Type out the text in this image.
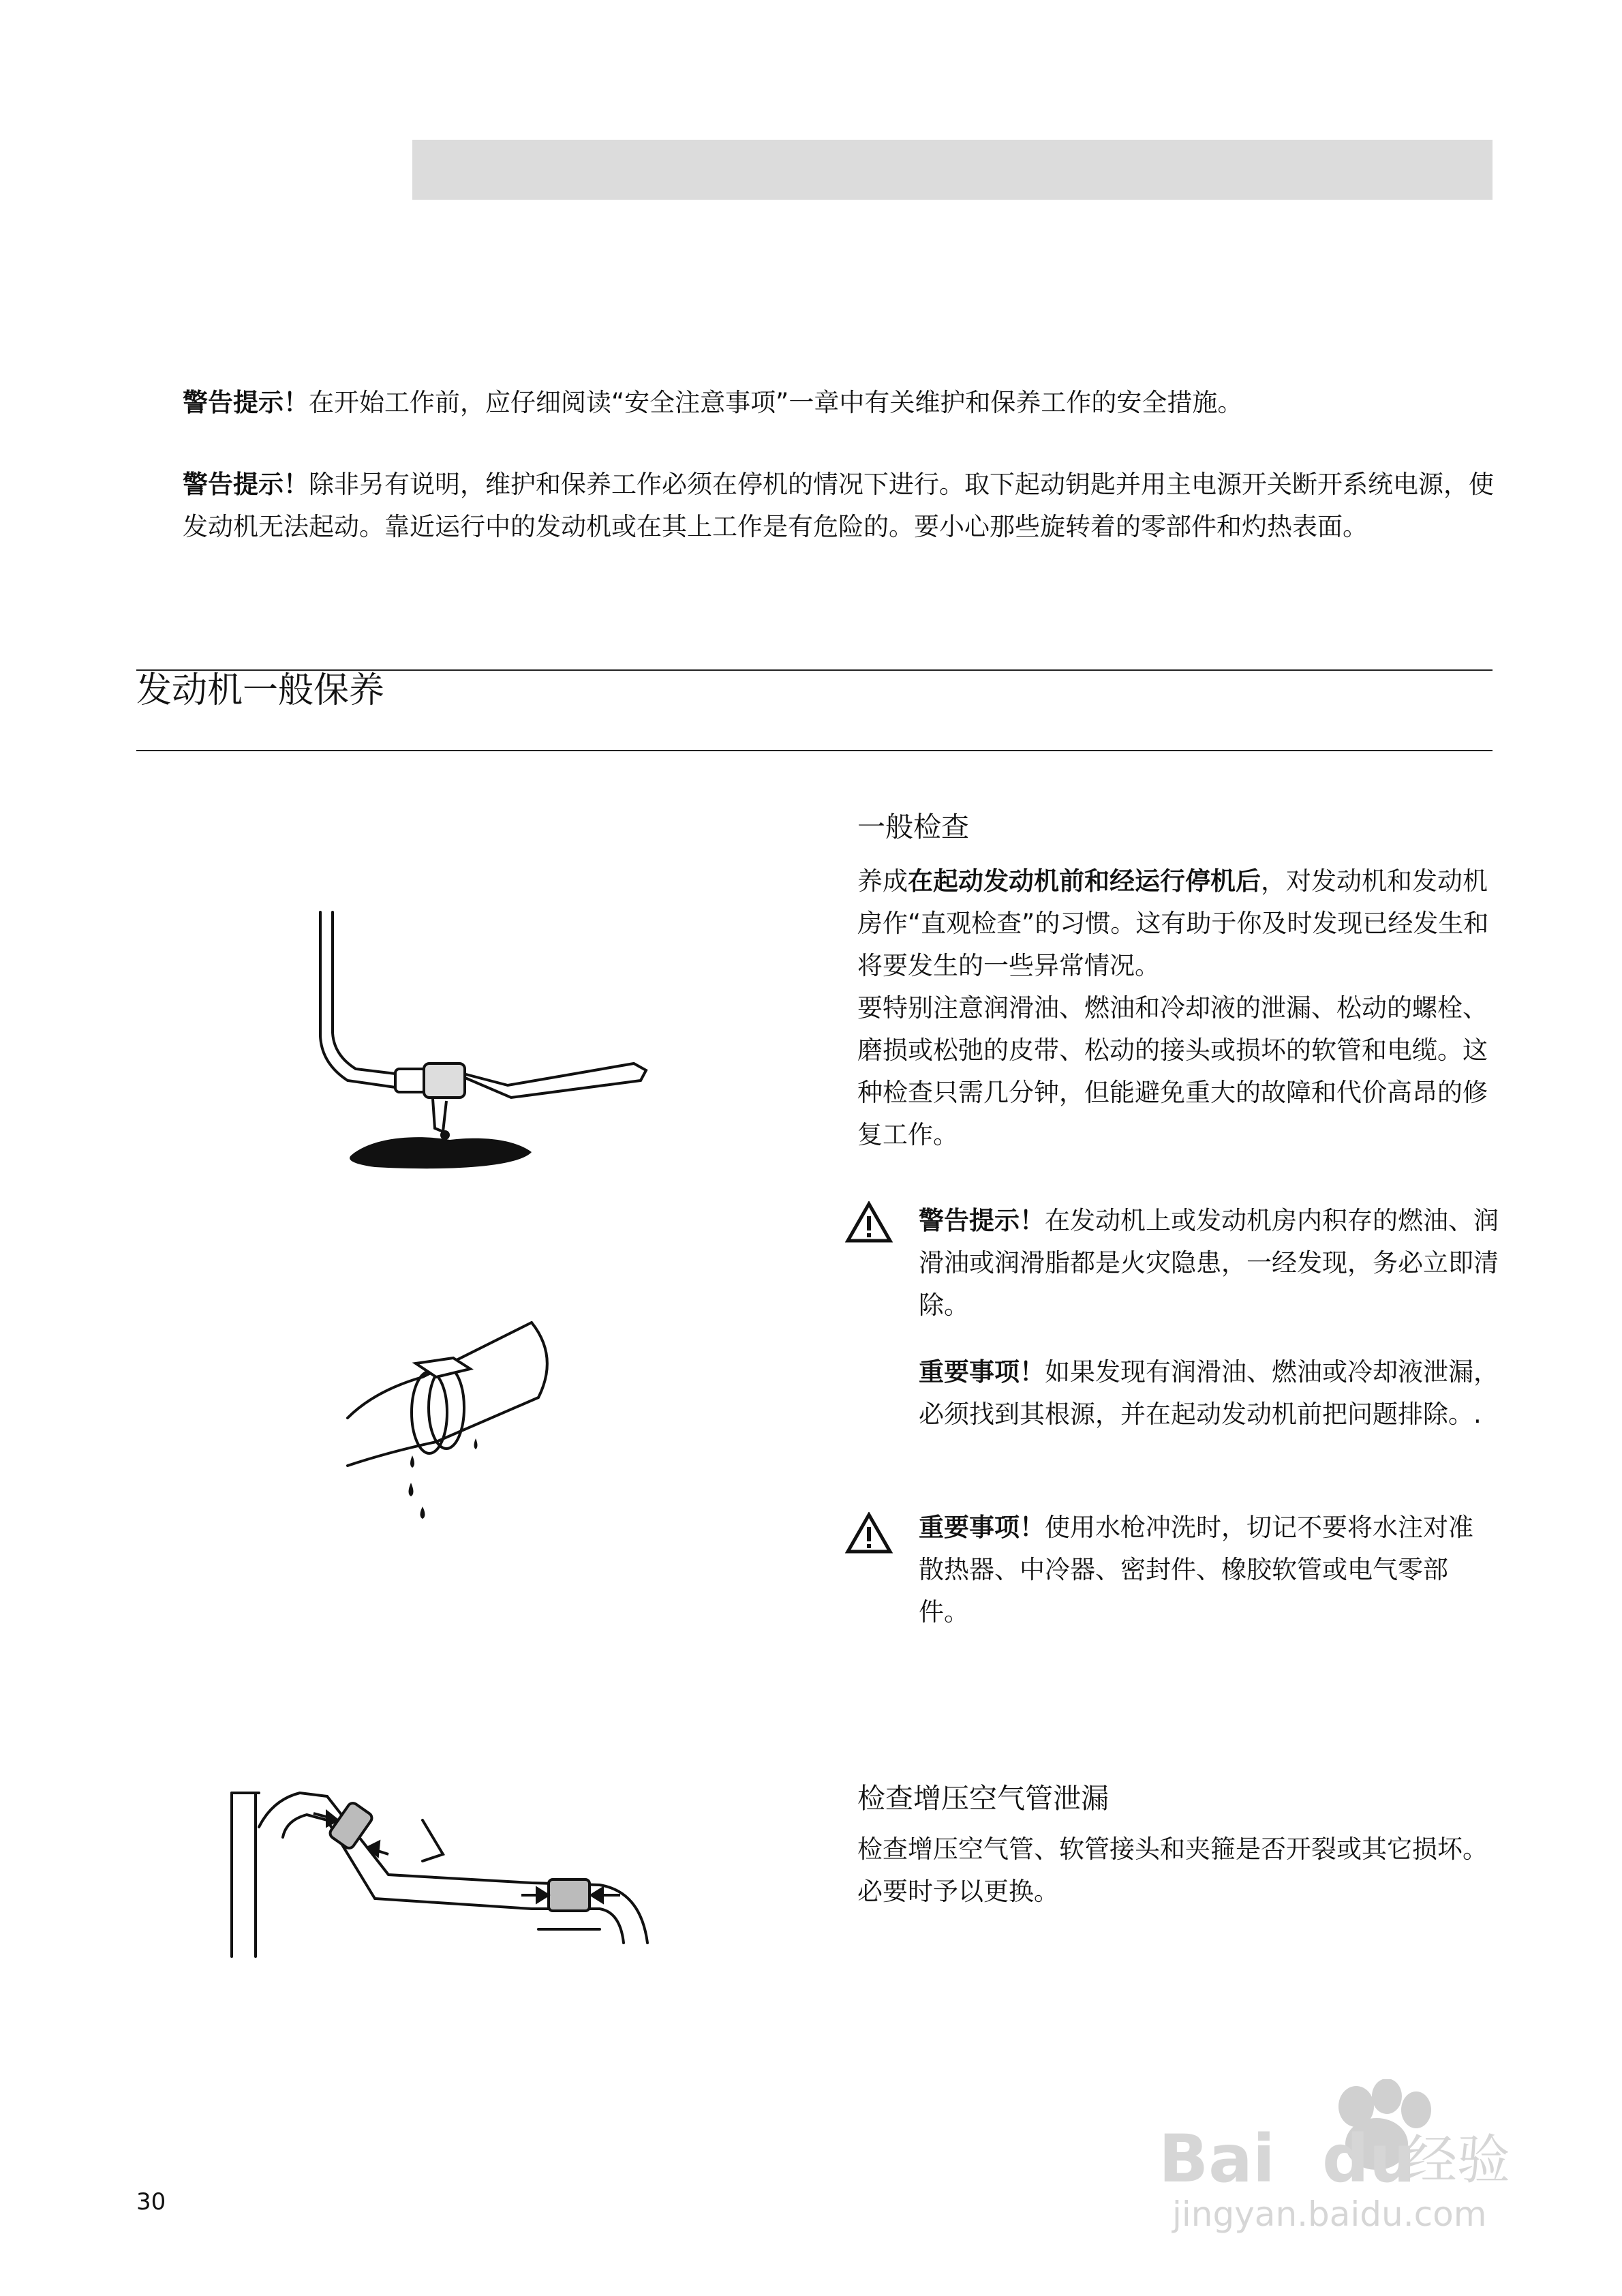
警告提示！在开始工作前，应仔细阅读“安全注意事项”一章中有关维护和保养工作的安全措施。

警告提示！除非另有说明，维护和保养工作必须在停机的情况下进行。取下起动钥匙并用主电源开关断开系统电源，使发动机无法起动。靠近运行中的发动机或在其上工作是有危险的。要小心那些旋转着的零部件和灼热表面。

发动机一般保养
一般检查

养成在起动发动机前和经运行停机后，对发动机和发动机房作“直观检查”的习惯。这有助于你及时发现已经发生和将要发生的一些异常情况。

要特别注意润滑油、燃油和冷却液的泄漏、松动的螺栓、磨损或松弛的皮带、松动的接头或损坏的软管和电缆。这种检查只需几分钟，但能避免重大的故障和代价高昂的修复工作。

警告提示！在发动机上或发动机房内积存的燃油、润滑油或润滑脂都是火灾隐患，一经发现，务必立即清除。

重要事项！如果发现有润滑油、燃油或冷却液泄漏，必须找到其根源，并在起动发动机前把问题排除。.

重要事项！使用水枪冲洗时，切记不要将水注对准散热器、中冷器、密封件、橡胶软管或电气零部件。

检查增压空气管泄漏

检查增压空气管、软管接头和夹箍是否开裂或其它损坏。必要时予以更换。

30
Bai du
经验
jingyan.baidu.com
